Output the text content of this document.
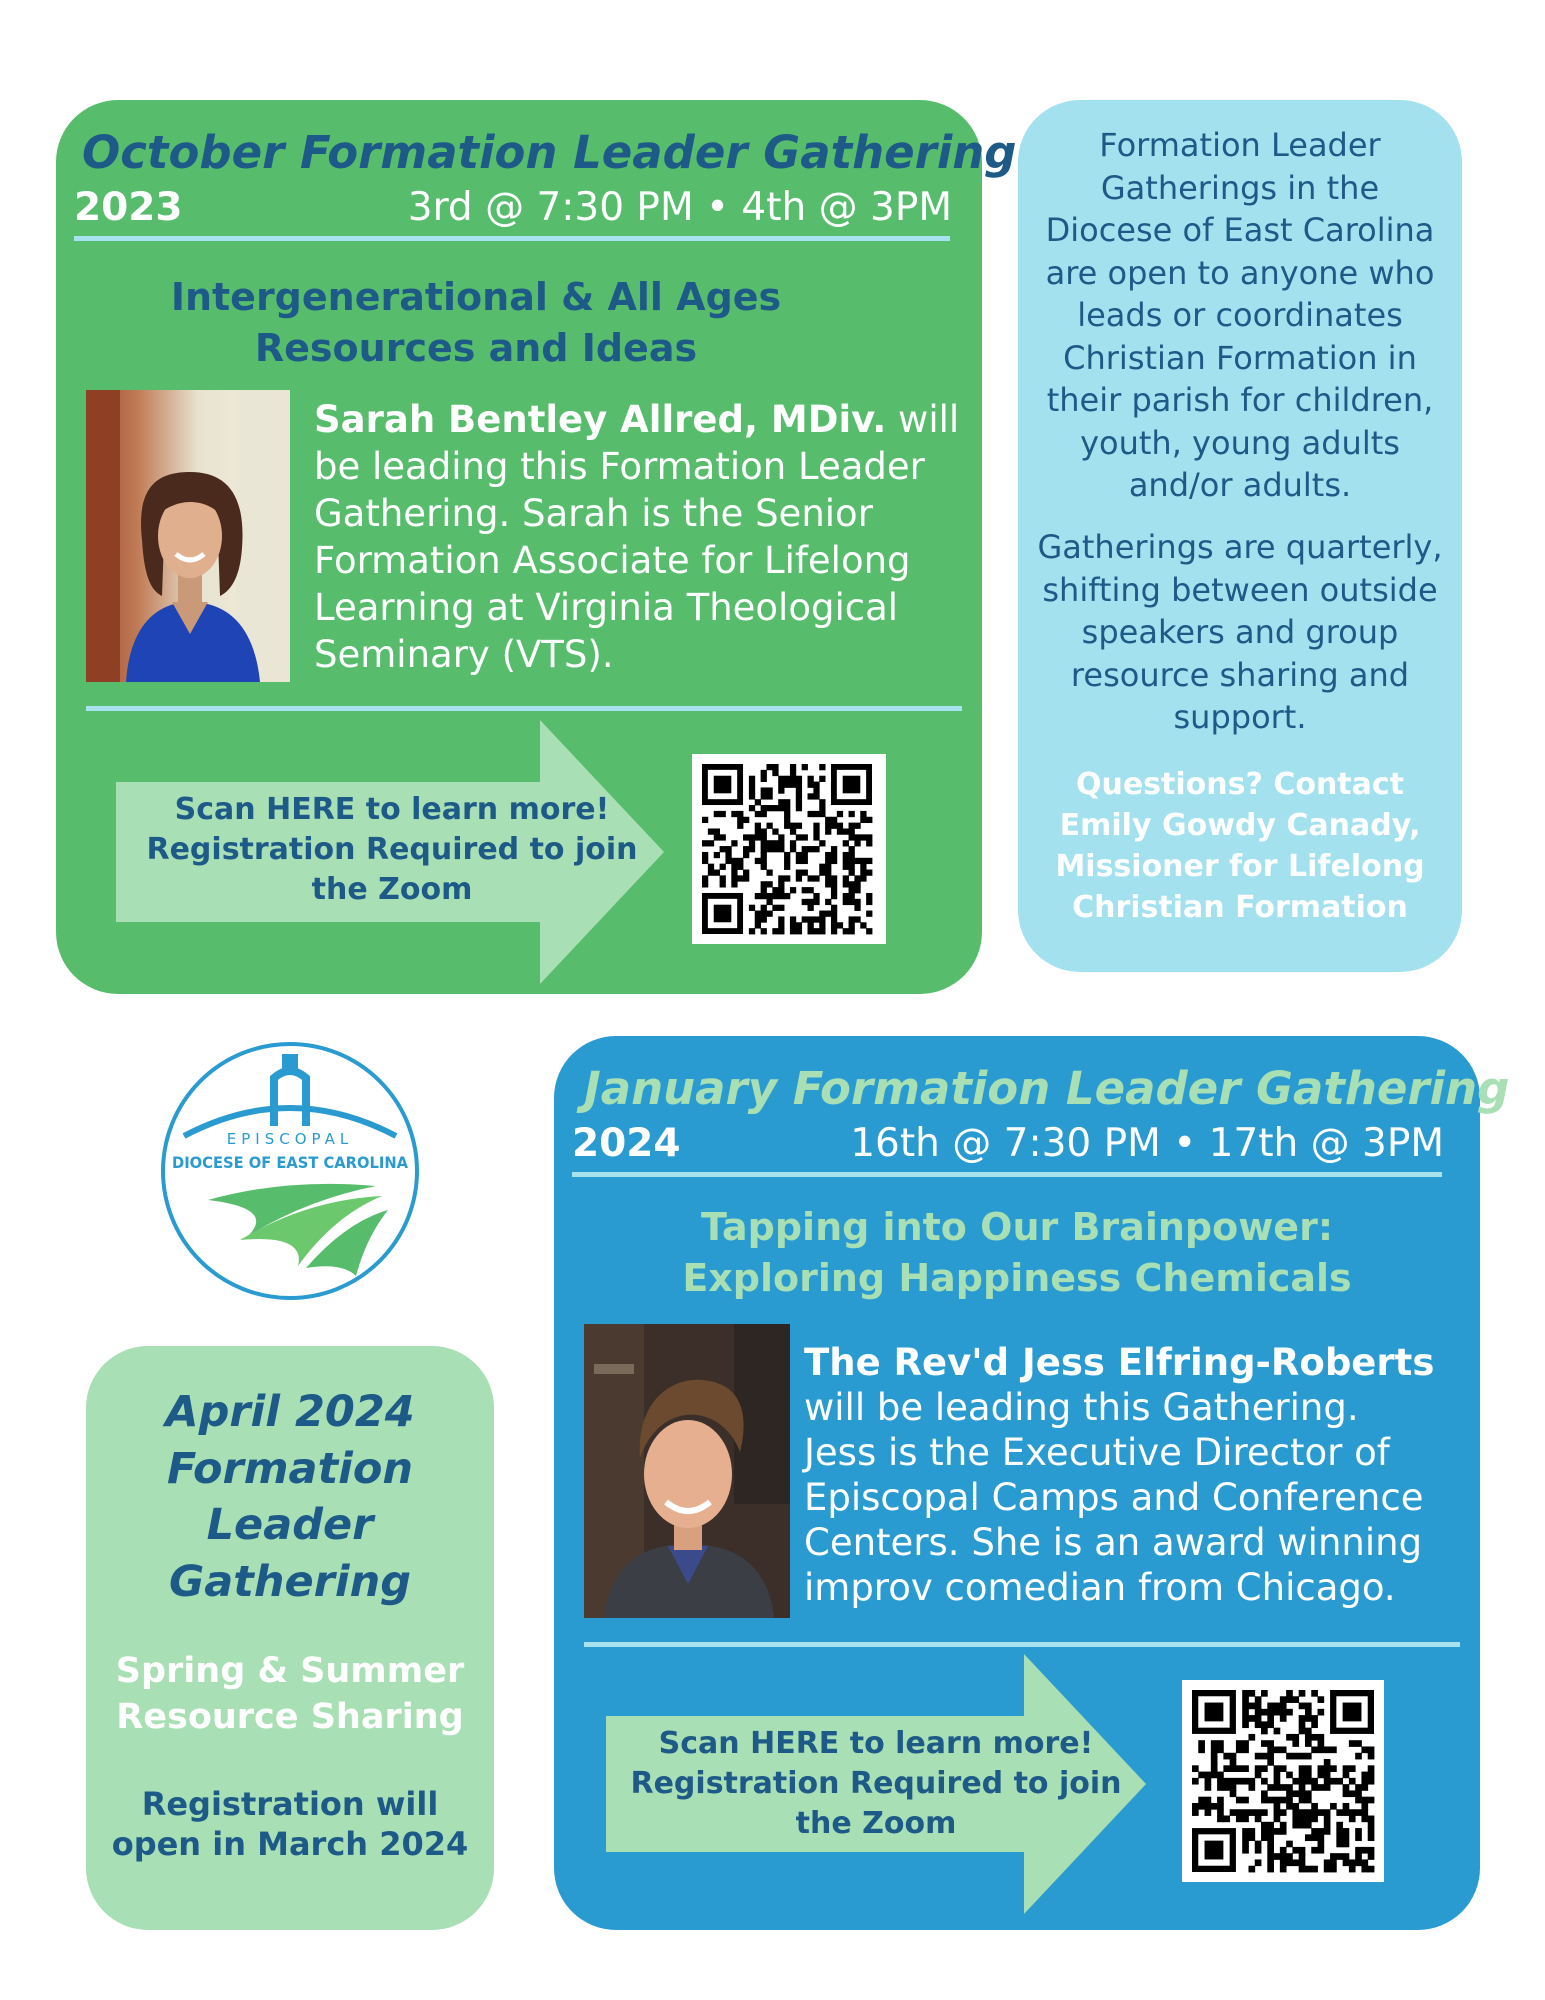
October Formation Leader Gathering
2023	3rd @ 7:30 PM • 4th @ 3PM

Intergenerational & All Ages
Resources and Ideas

Sarah Bentley Allred, MDiv. will
be leading this Formation Leader
Gathering. Sarah is the Senior
Formation Associate for Lifelong
Learning at Virginia Theological
Seminary (VTS).

Scan HERE to learn more!
Registration Required to join
the Zoom

Formation Leader
Gatherings in the
Diocese of East Carolina
are open to anyone who
leads or coordinates
Christian Formation in
their parish for children,
youth, young adults
and/or adults.

Gatherings are quarterly,
shifting between outside
speakers and group
resource sharing and
support.

Questions? Contact
Emily Gowdy Canady,
Missioner for Lifelong
Christian Formation

EPISCOPAL
DIOCESE OF EAST CAROLINA

April 2024
Formation
Leader
Gathering

Spring & Summer
Resource Sharing

Registration will
open in March 2024

January Formation Leader Gathering
2024	16th @ 7:30 PM • 17th @ 3PM

Tapping into Our Brainpower:
Exploring Happiness Chemicals

The Rev'd Jess Elfring-Roberts
will be leading this Gathering.
Jess is the Executive Director of
Episcopal Camps and Conference
Centers. She is an award winning
improv comedian from Chicago.

Scan HERE to learn more!
Registration Required to join
the Zoom
